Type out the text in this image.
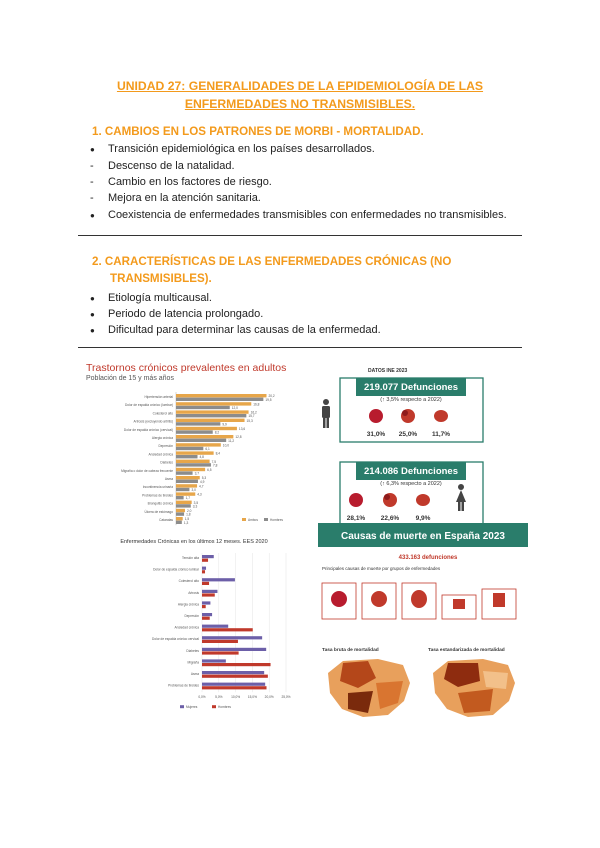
UNIDAD 27: GENERALIDADES DE LA EPIDEMIOLOGÍA DE LAS
ENFERMEDADES NO TRANSMISIBLES.
1. CAMBIOS EN LOS PATRONES DE MORBI - MORTALIDAD.
● Transición epidemiológica en los países desarrollados.
- Descenso de la natalidad.
- Cambio en los factores de riesgo.
- Mejora en la atención sanitaria.
● Coexistencia de enfermedades transmisibles con enfermedades no transmisibles.
2. CARACTERÍSTICAS DE LAS ENFERMEDADES CRÓNICAS (NO
TRANSMISIBLES).
● Etiología multicausal.
● Periodo de latencia prolongado.
● Dificultad para determinar las causas de la enfermedad.
Trastornos crónicos prevalentes en adultos
Población de 15 y más años
Hipertensión arterial	20,2
19,5
Dolor de espalda crónico (lumbar)	16,8
12,0
Colesterol alto	16,2
15,7
Artrosis (excluyendo artritis)	15,3
9,9
Dolor de espalda crónico (cervical)	13,6
8,2
Alergia crónica	12,8
11,2
Depresión	10,0
6,1
Ansiedad crónica	8,4
4,8
Diabetes	7,5
7,8
Migraña o dolor de cabeza frecuente	6,5
3,7
Asma	5,3
4,9
Incontinencia urinaria	4,7
3,0
Problemas de tiroides	4,3
1,7
Bronquitis crónica	3,5
3,3
Úlcera de estómago	2,0
1,8
Cataratas	1,5
1,3
Ambos	Hombres
DATOS INE 2023
219.077 Defunciones
(↑ 3,5% respecto a 2022)
31,0% 25,0% 11,7%
214.086 Defunciones
(↑ 6,3% respecto a 2022)
28,1% 22,6%	9,9%
Enfermedades Crónicas en los últimos 12 meses. EES 2020
0,0%	5,0%	10,0% 15,0% 20,0% 25,0%
Tensión alta
Dolor de espalda crónico lumbar
Colesterol alto
Artrosis
Alergia crónica
Depresión
Ansiedad crónica
Dolor de espalda crónico cervical
Diabetes
Migraña
Asma
Problemas de tiroides
Mujeres	Hombres
Causas de muerte en España 2023
433.163 defunciones
Principales causas de muerte por grupos de enfermedades
Tasa bruta de mortalidad	Tasa estandarizada de mortalidad
